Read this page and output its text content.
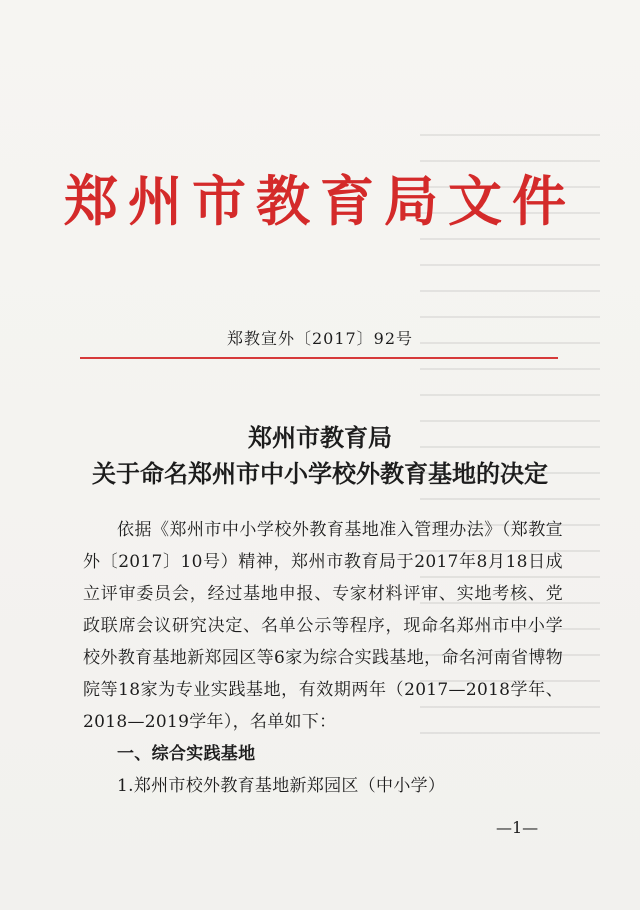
郑州市教育局文件
郑教宣外〔2017〕92号
郑州市教育局
关于命名郑州市中小学校外教育基地的决定
依据《郑州市中小学校外教育基地准入管理办法》（郑教宣外〔2017〕10号）精神，郑州市教育局于2017年8月18日成立评审委员会，经过基地申报、专家材料评审、实地考核、党政联席会议研究决定、名单公示等程序，现命名郑州市中小学校外教育基地新郑园区等6家为综合实践基地，命名河南省博物院等18家为专业实践基地，有效期两年（2017—2018学年、2018—2019学年），名单如下：
一、综合实践基地
1.郑州市校外教育基地新郑园区（中小学）
—1—
